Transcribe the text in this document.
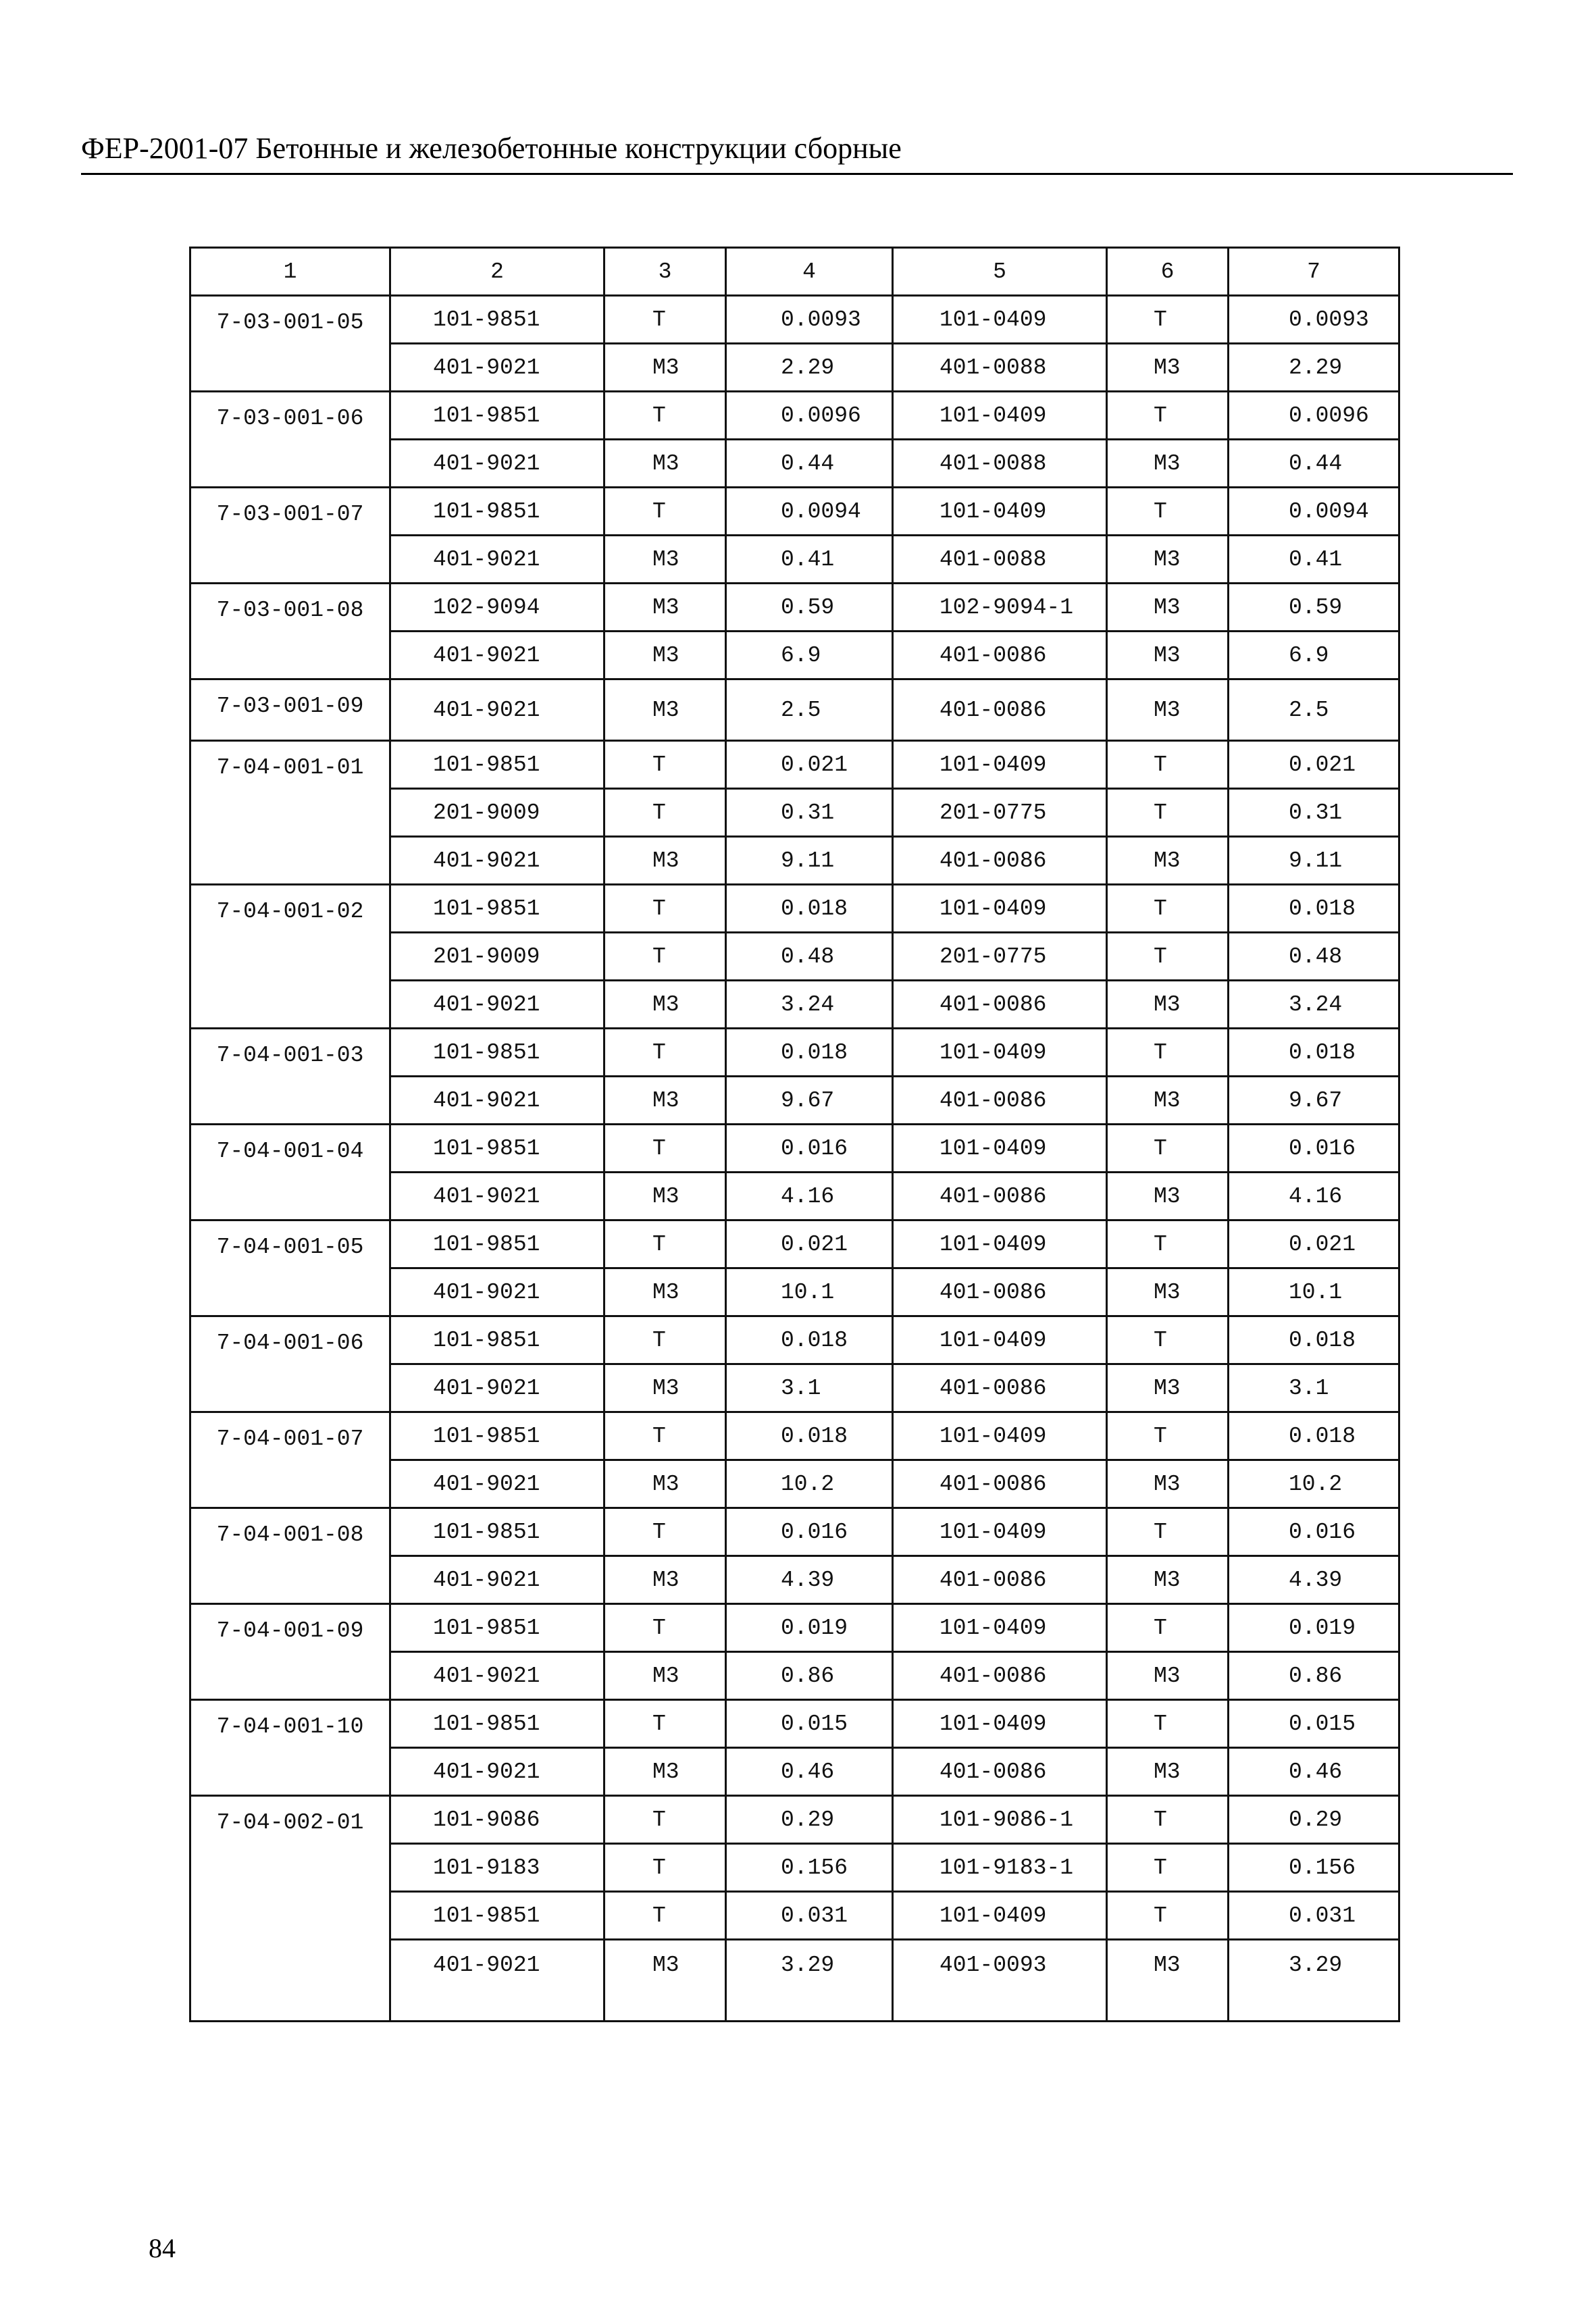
ФЕР-2001-07 Бетонные и железобетонные конструкции сборные
1	2	3	4	5	6	7
7-03-001-05	101-9851	Т	0.0093	101-0409	Т	0.0093
	401-9021	М3	2.29	401-0088	М3	2.29
7-03-001-06	101-9851	Т	0.0096	101-0409	Т	0.0096
	401-9021	М3	0.44	401-0088	М3	0.44
7-03-001-07	101-9851	Т	0.0094	101-0409	Т	0.0094
	401-9021	М3	0.41	401-0088	М3	0.41
7-03-001-08	102-9094	М3	0.59	102-9094-1	М3	0.59
	401-9021	М3	6.9	401-0086	М3	6.9
7-03-001-09	401-9021	М3	2.5	401-0086	М3	2.5
7-04-001-01	101-9851	Т	0.021	101-0409	Т	0.021
	201-9009	Т	0.31	201-0775	Т	0.31
	401-9021	М3	9.11	401-0086	М3	9.11
7-04-001-02	101-9851	Т	0.018	101-0409	Т	0.018
	201-9009	Т	0.48	201-0775	Т	0.48
	401-9021	М3	3.24	401-0086	М3	3.24
7-04-001-03	101-9851	Т	0.018	101-0409	Т	0.018
	401-9021	М3	9.67	401-0086	М3	9.67
7-04-001-04	101-9851	Т	0.016	101-0409	Т	0.016
	401-9021	М3	4.16	401-0086	М3	4.16
7-04-001-05	101-9851	Т	0.021	101-0409	Т	0.021
	401-9021	М3	10.1	401-0086	М3	10.1
7-04-001-06	101-9851	Т	0.018	101-0409	Т	0.018
	401-9021	М3	3.1	401-0086	М3	3.1
7-04-001-07	101-9851	Т	0.018	101-0409	Т	0.018
	401-9021	М3	10.2	401-0086	М3	10.2
7-04-001-08	101-9851	Т	0.016	101-0409	Т	0.016
	401-9021	М3	4.39	401-0086	М3	4.39
7-04-001-09	101-9851	Т	0.019	101-0409	Т	0.019
	401-9021	М3	0.86	401-0086	М3	0.86
7-04-001-10	101-9851	Т	0.015	101-0409	Т	0.015
	401-9021	М3	0.46	401-0086	М3	0.46
7-04-002-01	101-9086	Т	0.29	101-9086-1	Т	0.29
	101-9183	Т	0.156	101-9183-1	Т	0.156
	101-9851	Т	0.031	101-0409	Т	0.031
	401-9021	М3	3.29	401-0093	М3	3.29
84
